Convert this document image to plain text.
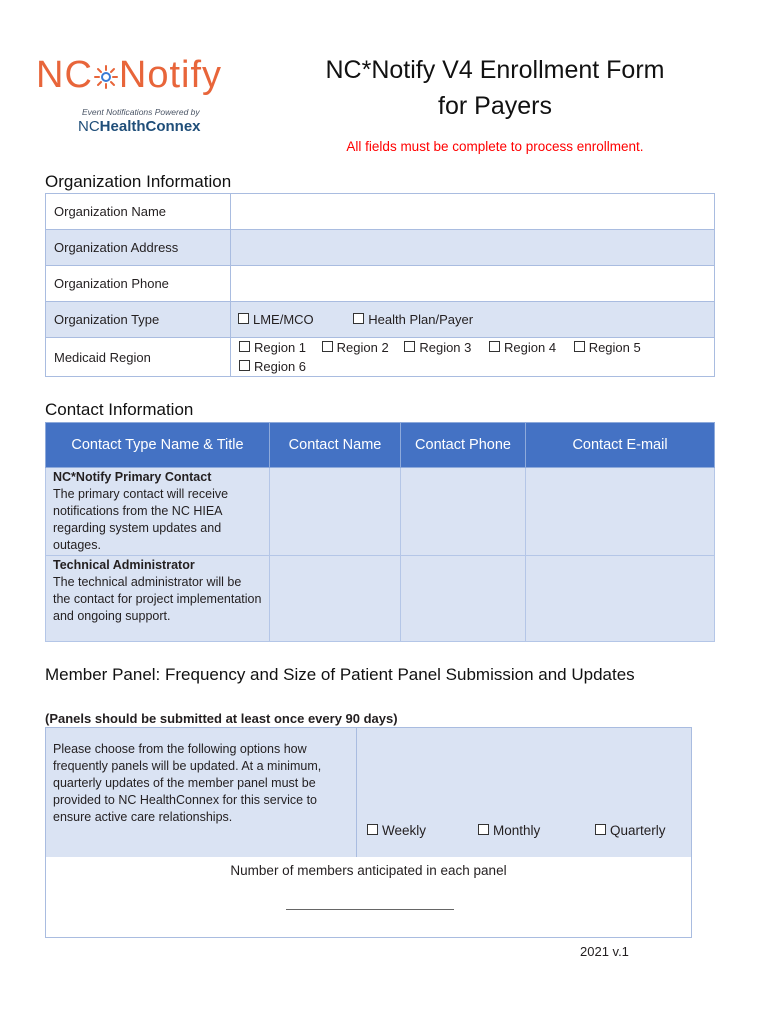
NC Notify
Event Notifications Powered by
NCHealthConnex
NC*Notify V4 Enrollment Form
for Payers
All fields must be complete to process enrollment.
Organization Information
Organization Name	
Organization Address	
Organization Phone	
Organization Type	LME/MCO Health Plan/Payer
Medicaid Region	Region 1 Region 2 Region 3 Region 4 Region 5
Region 6
Contact Information
Contact Type Name & Title	Contact Name	Contact Phone	Contact E-mail

NC*Notify Primary Contact
The primary contact will receive notifications from the NC HIEA regarding system updates and outages.			

Technical Administrator
The technical administrator will be the contact for project implementation and ongoing support.			

Member Panel: Frequency and Size of Patient Panel Submission and Updates
(Panels should be submitted at least once every 90 days)
Please choose from the following options how frequently panels will be updated. At a minimum, quarterly updates of the member panel must be provided to NC HealthConnex for this service to ensure active care relationships.
Weekly	Monthly	Quarterly
Number of members anticipated in each panel
2021 v.1
